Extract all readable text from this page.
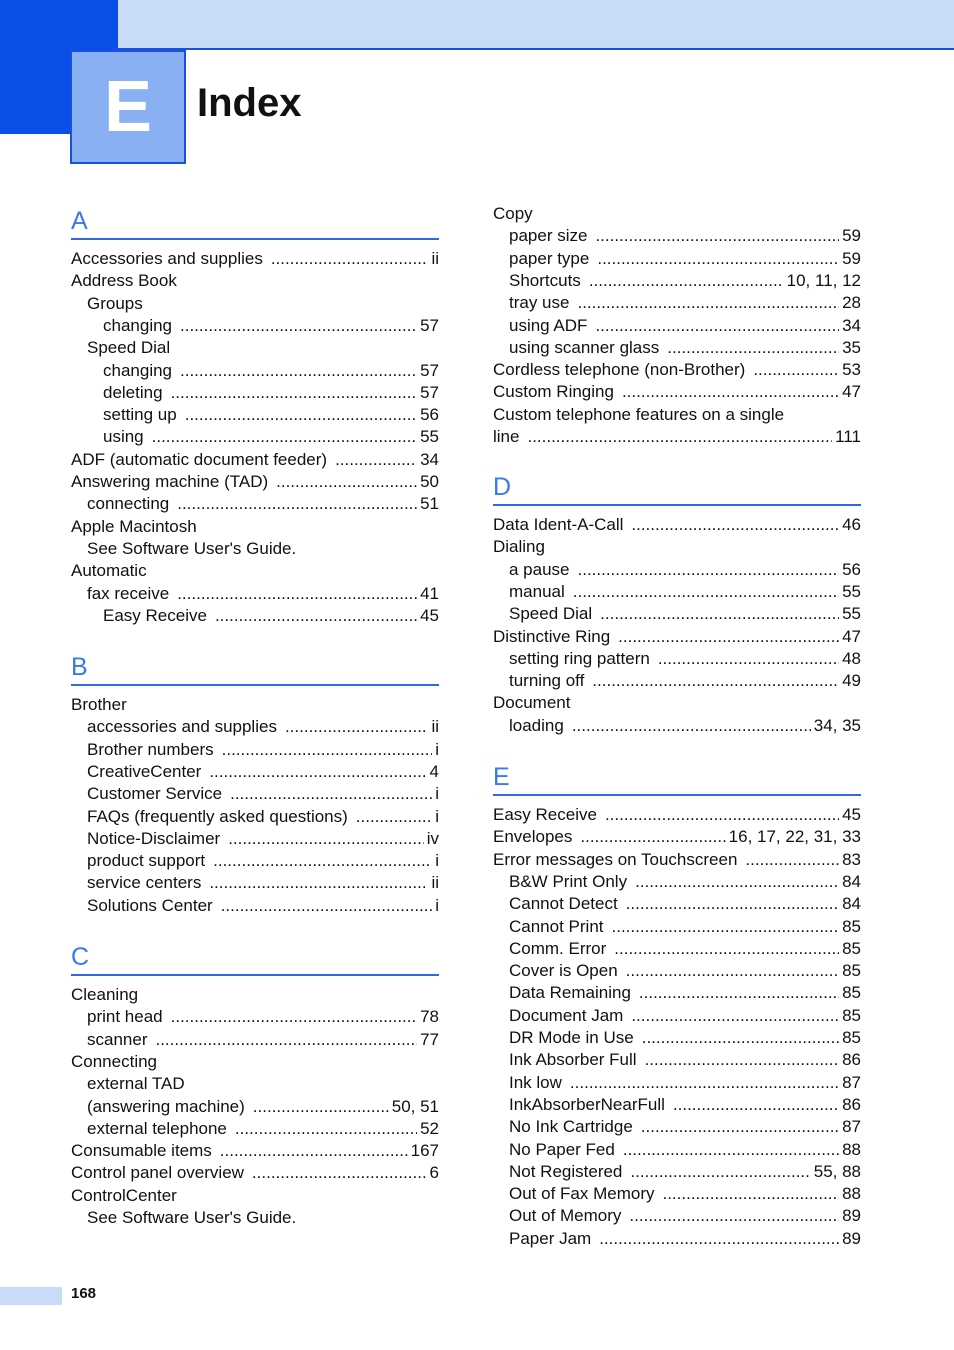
E	Index
A
Accessories and supplies .....	ii
Address Book
Groups
changing .....	57
Speed Dial
changing .....	57
deleting .....	57
setting up .....	56
using .....	55
ADF (automatic document feeder) .....	34
Answering machine (TAD) .....	50
connecting .....	51
Apple Macintosh
See Software User's Guide.
Automatic
fax receive .....	41
Easy Receive .....	45
B
Brother
accessories and supplies .....	ii
Brother numbers .....	i
CreativeCenter .....	4
Customer Service .....	i
FAQs (frequently asked questions) .....	i
Notice-Disclaimer .....	iv
product support .....	i
service centers .....	ii
Solutions Center .....	i
C
Cleaning
print head .....	78
scanner .....	77
Connecting
external TAD
(answering machine) .....	50, 51
external telephone .....	52
Consumable items .....	167
Control panel overview .....	6
ControlCenter
See Software User's Guide.
Copy
paper size .....	59
paper type .....	59
Shortcuts .....	10, 11, 12
tray use .....	28
using ADF .....	34
using scanner glass .....	35
Cordless telephone (non-Brother) .....	53
Custom Ringing .....	47
Custom telephone features on a single
line .....	111
D
Data Ident-A-Call .....	46
Dialing
a pause .....	56
manual .....	55
Speed Dial .....	55
Distinctive Ring .....	47
setting ring pattern .....	48
turning off .....	49
Document
loading .....	34, 35
E
Easy Receive .....	45
Envelopes .....	16, 17, 22, 31, 33
Error messages on Touchscreen .....	83
B&W Print Only .....	84
Cannot Detect .....	84
Cannot Print .....	85
Comm. Error .....	85
Cover is Open .....	85
Data Remaining .....	85
Document Jam .....	85
DR Mode in Use .....	85
Ink Absorber Full .....	86
Ink low .....	87
InkAbsorberNearFull .....	86
No Ink Cartridge .....	87
No Paper Fed .....	88
Not Registered .....	55, 88
Out of Fax Memory .....	88
Out of Memory .....	89
Paper Jam .....	89
168
